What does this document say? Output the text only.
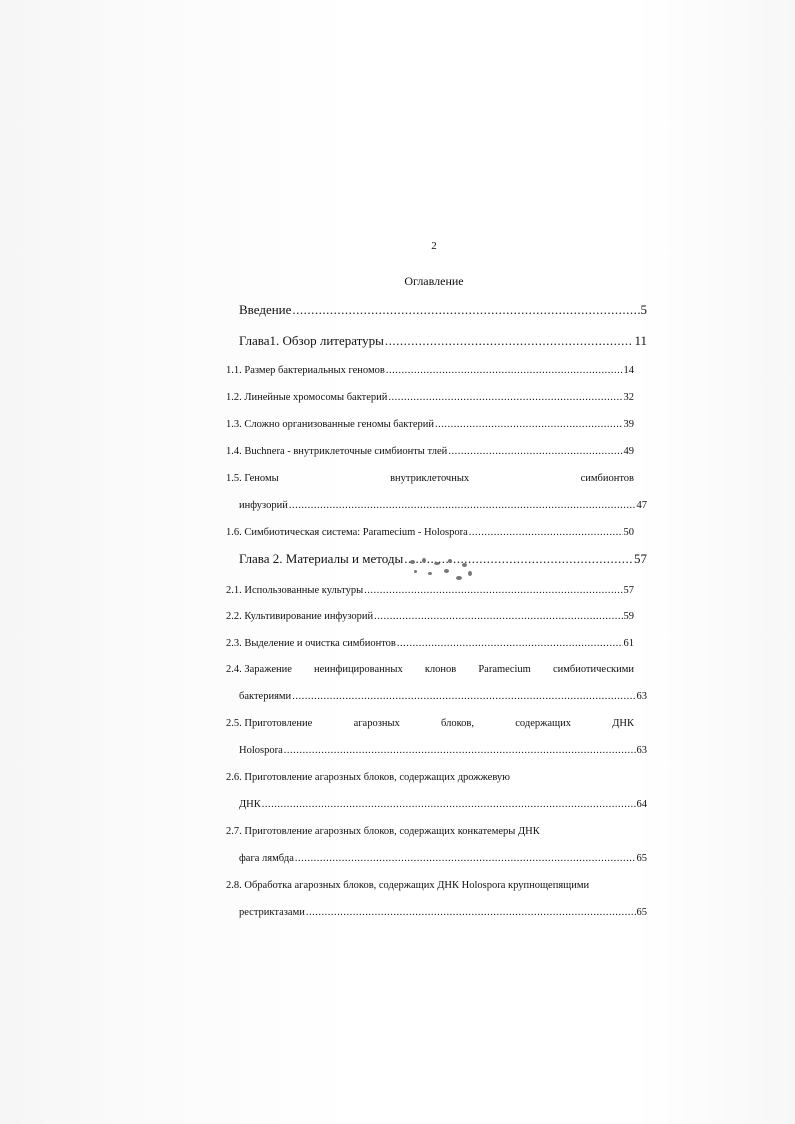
2
Оглавление
Введение .....	5
Глава1. Обзор литературы .....	11
1.1. Размер бактериальных геномов .....	14
1.2. Линейные хромосомы бактерий .....	32
1.3. Сложно организованные геномы бактерий .....	39
1.4. Buchnera - внутриклеточные симбионты тлей .....	49
1.5. Геномы	внутриклеточных	симбионтов
инфузорий .....	47
1.6. Симбиотическая система: Paramecium - Holospora .....	50
Глава 2. Материалы и методы .....	57
2.1. Использованные культуры .....	57
2.2. Культивирование инфузорий .....	59
2.3. Выделение и очистка симбионтов .....	61
2.4. Заражение неинфицированных клонов Paramecium симбиотическими
бактериями .....	63
2.5. Приготовление	агарозных	блоков,	содержащих	ДНК
Holospora .....	63
2.6. Приготовление агарозных блоков, содержащих дрожжевую
ДНК .....	64
2.7. Приготовление агарозных блоков, содержащих конкатемеры ДНК
фага лямбда .....	65
2.8. Обработка агарозных блоков, содержащих ДНК Holospora крупнощепящими
рестриктазами .....	65
